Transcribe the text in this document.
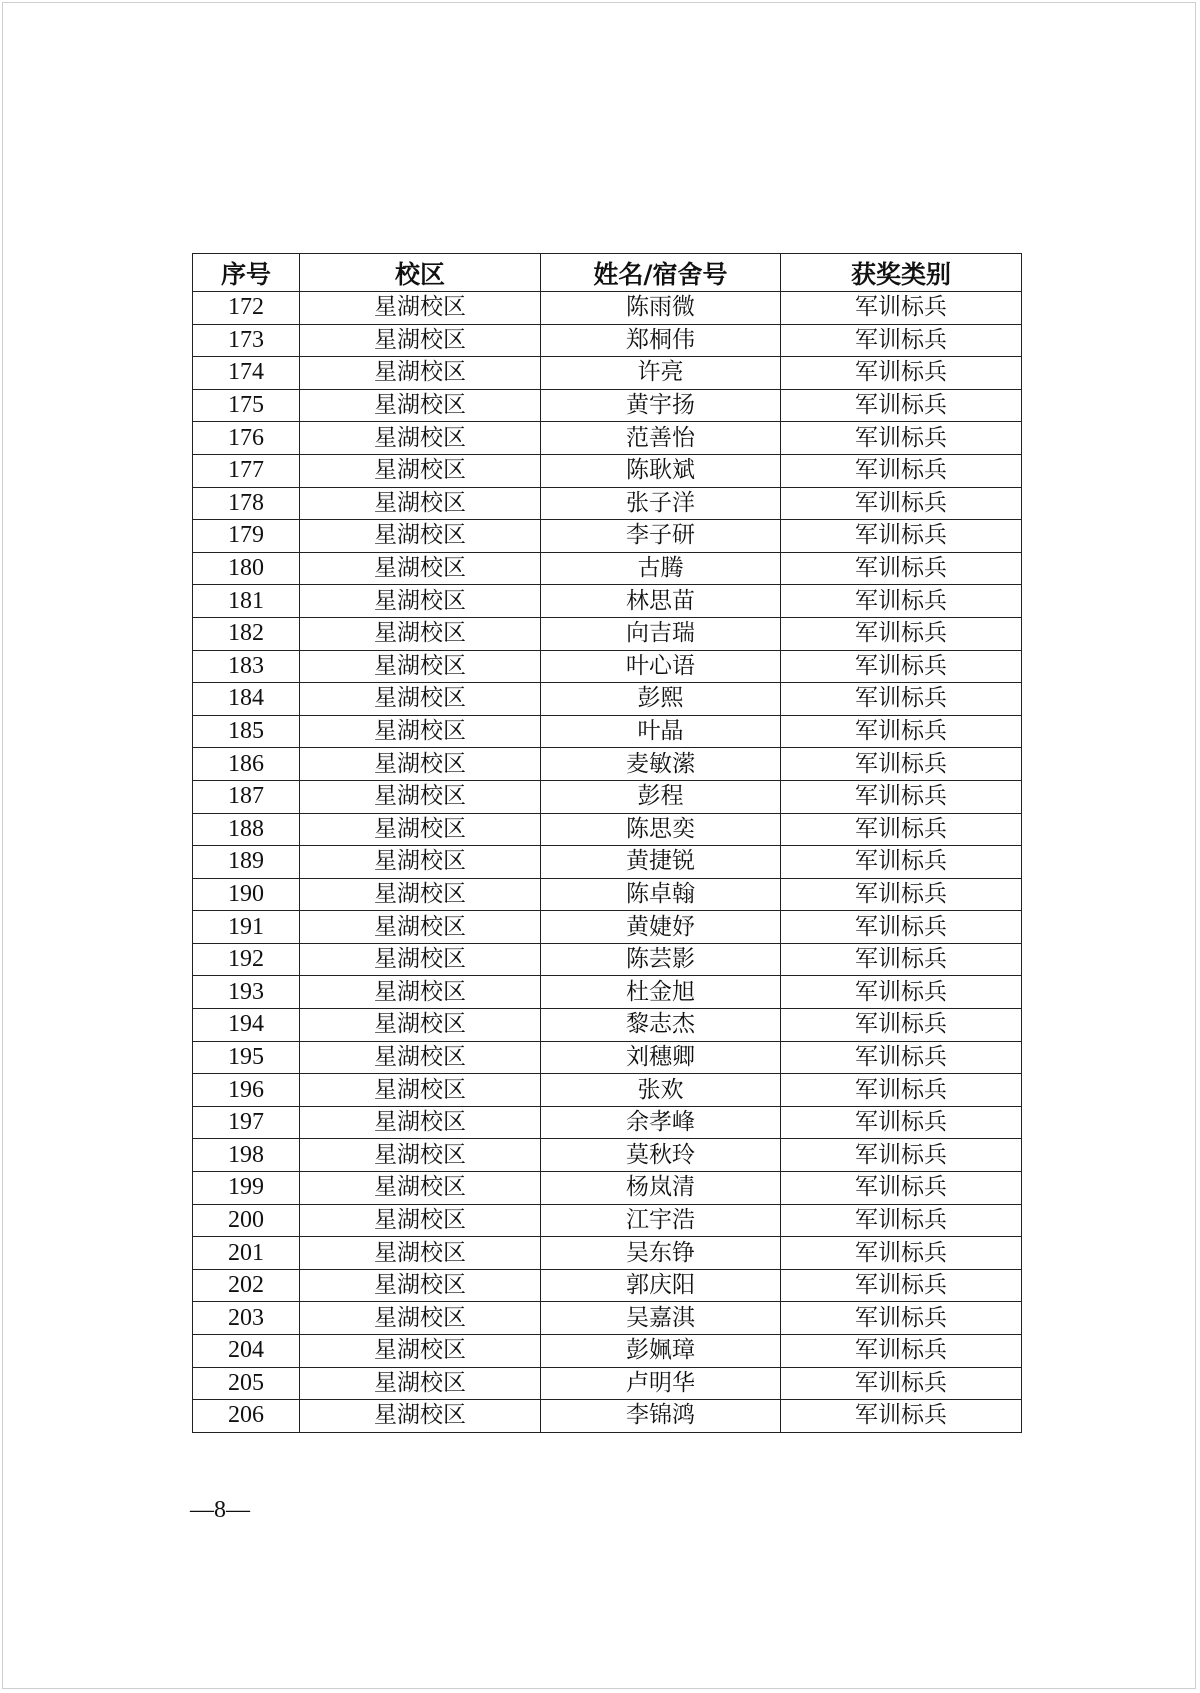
序号	校区	姓名/宿舍号	获奖类别
172	星湖校区	陈雨微	军训标兵
173	星湖校区	郑桐伟	军训标兵
174	星湖校区	许亮	军训标兵
175	星湖校区	黄宇扬	军训标兵
176	星湖校区	范善怡	军训标兵
177	星湖校区	陈耿斌	军训标兵
178	星湖校区	张子洋	军训标兵
179	星湖校区	李子研	军训标兵
180	星湖校区	古腾	军训标兵
181	星湖校区	林思苗	军训标兵
182	星湖校区	向吉瑞	军训标兵
183	星湖校区	叶心语	军训标兵
184	星湖校区	彭熙	军训标兵
185	星湖校区	叶晶	军训标兵
186	星湖校区	麦敏潆	军训标兵
187	星湖校区	彭程	军训标兵
188	星湖校区	陈思奕	军训标兵
189	星湖校区	黄捷锐	军训标兵
190	星湖校区	陈卓翰	军训标兵
191	星湖校区	黄婕妤	军训标兵
192	星湖校区	陈芸影	军训标兵
193	星湖校区	杜金旭	军训标兵
194	星湖校区	黎志杰	军训标兵
195	星湖校区	刘穗卿	军训标兵
196	星湖校区	张欢	军训标兵
197	星湖校区	余孝峰	军训标兵
198	星湖校区	莫秋玲	军训标兵
199	星湖校区	杨岚清	军训标兵
200	星湖校区	江宇浩	军训标兵
201	星湖校区	吴东铮	军训标兵
202	星湖校区	郭庆阳	军训标兵
203	星湖校区	吴嘉淇	军训标兵
204	星湖校区	彭姵璋	军训标兵
205	星湖校区	卢明华	军训标兵
206	星湖校区	李锦鸿	军训标兵
—8—
